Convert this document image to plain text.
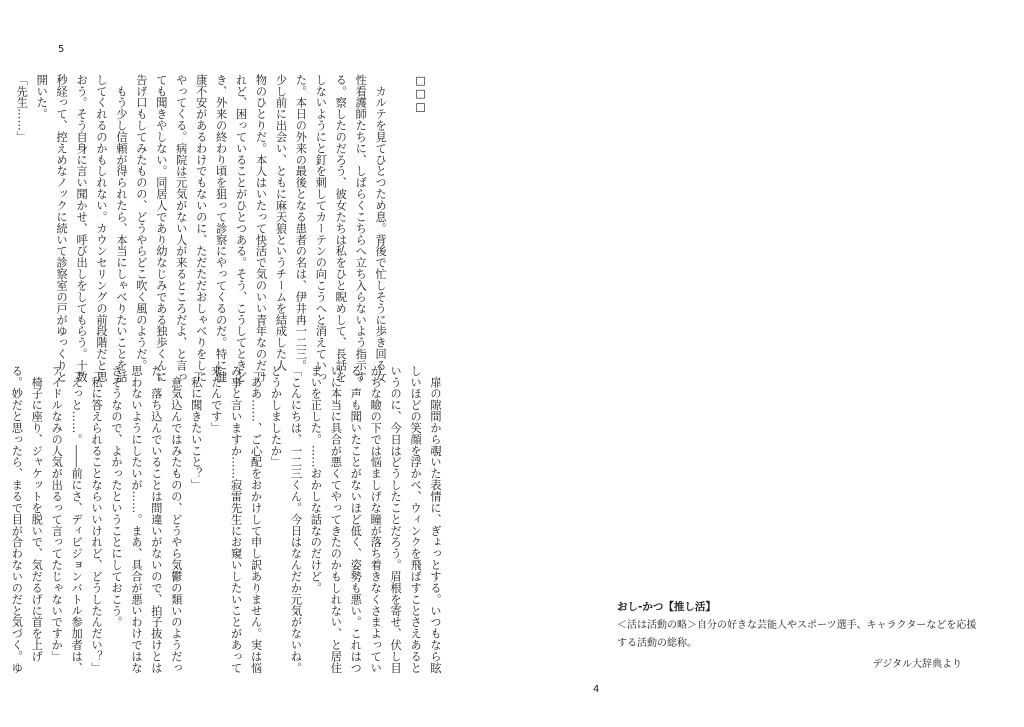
5
□□□

　カルテを見てひとつため息。背後で忙しそうに歩き回る女
性看護師たちに、しばらくこちらへ立ち入らないよう指示す
る。察したのだろう、彼女たちは私をひと睨めして、長話を
しないようにと釘を刺してカーテンの向こうへと消えていっ
た。本日の外来の最後となる患者の名は、伊井冉一二三。
少し前に出会い、ともに麻天狼というチームを結成した人
物のひとりだ。本人はいたって快活で気のいい青年なのだけ
れど、困っていることがひとつある。そう、こうしてときど
き、外来の終わり頃を狙って診察にやってくるのだ。特に健
康不安があるわけでもないのに、ただただおしゃべりをしに
やってくる。病院は元気がない人が来るところだよ、と言っ
ても聞きやしない。同居人であり幼なじみである独歩くんに
告げ口もしてみたものの、どうやらどこ吹く風のようだ。
　もう少し信頼が得られたら、本当にしゃべりたいことを話
してくれるのかもしれない。カウンセリングの前段階だと思
おう。そう自身に言い聞かせ、呼び出しをしてもらう。十数
秒経って、控えめなノックに続いて診察室の戸がゆっくりと
開いた。
「先生……」
　扉の隙間から覗いた表情に、ぎょっとする。いつもなら眩
しいほどの笑顔を浮かべ、ウィンクを飛ばすことさえあると
いうのに、今日はどうしたことだろう。眉根を寄せ、伏し目
がちな瞼の下では悩ましげな瞳が落ち着きなくさまよってい
る。声も聞いたことがないほど低く、姿勢も悪い。これはつ
いに本当に具合が悪くてやってきたのかもしれない、と居住
まいを正した。……おかしな話なのだけど。
「こんにちは、一二三くん。今日はなんだか元気がないね。
どうかしましたか」
「ああ……、ご心配をおかけして申し訳ありません。実は悩
み事と言いますか……寂雷先生にお窺いしたいことがあって
来たんです」
「私に聞きたいこと？」
　意気込んではみたものの、どうやら気鬱の類いのようだっ
た。落ち込んでいることは間違いがないので、拍子抜けとは
思わないようにしたいが……。まあ、具合が悪いわけではな
さそうなので、よかったということにしておこう。
「私に答えられることならいいけれど、どうしたんだい？」
「えっと……。――前にさ、ディビジョンバトル参加者は、
アイドルなみの人気が出るって言ってたじゃないですか」
　椅子に座り、ジャケットを脱いで、気だるげに首を上げ
る。妙だと思ったら、まるで目が合わないのだと気づく。ゆ	おし-かつ【推し活】
＜活は活動の略＞自分の好きな芸能人やスポーツ選手、キャラクターなどを応援
する活動の総称。
デジタル大辞典より
4
